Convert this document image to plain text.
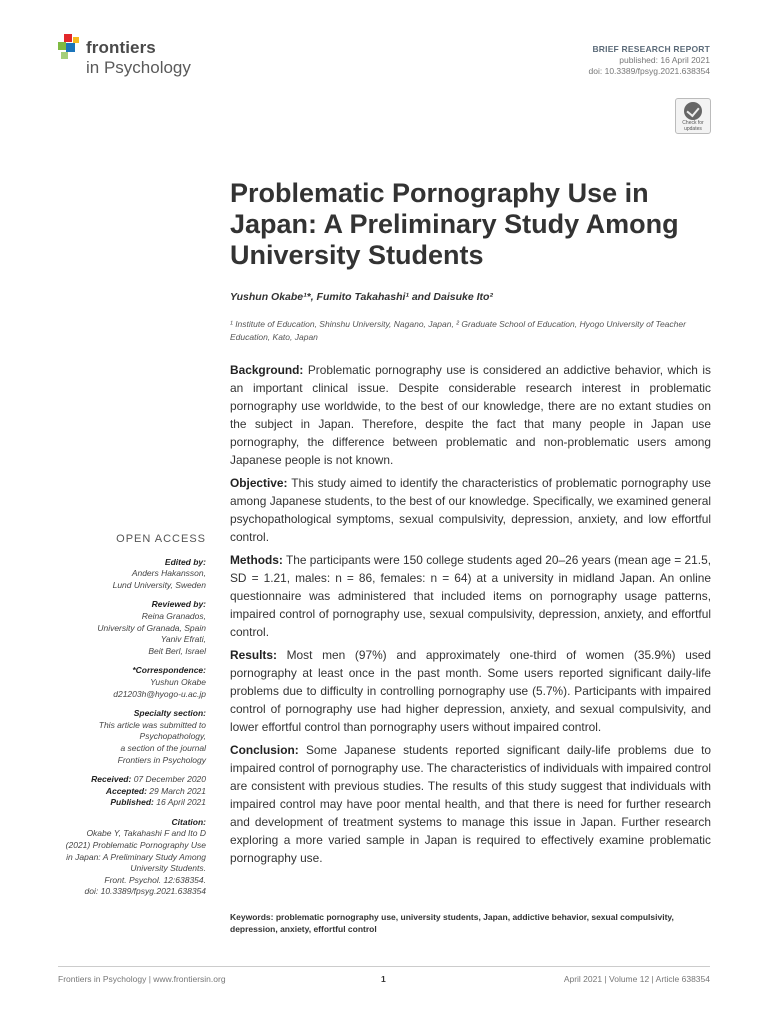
frontiers
in Psychology
BRIEF RESEARCH REPORT
published: 16 April 2021
doi: 10.3389/fpsyg.2021.638354
Check for
updates
Problematic Pornography Use in Japan: A Preliminary Study Among University Students
Yushun Okabe¹*, Fumito Takahashi¹ and Daisuke Ito²
¹ Institute of Education, Shinshu University, Nagano, Japan, ² Graduate School of Education, Hyogo University of Teacher Education, Kato, Japan

Background: Problematic pornography use is considered an addictive behavior, which is an important clinical issue. Despite considerable research interest in problematic pornography use worldwide, to the best of our knowledge, there are no extant studies on the subject in Japan. Therefore, despite the fact that many people in Japan use pornography, the difference between problematic and non-problematic users among Japanese people is not known.

Objective: This study aimed to identify the characteristics of problematic pornography use among Japanese students, to the best of our knowledge. Specifically, we examined general psychopathological symptoms, sexual compulsivity, depression, anxiety, and low effortful control.

Methods: The participants were 150 college students aged 20–26 years (mean age = 21.5, SD = 1.21, males: n = 86, females: n = 64) at a university in midland Japan. An online questionnaire was administered that included items on pornography usage patterns, impaired control of pornography use, sexual compulsivity, depression, anxiety, and effortful control.

Results: Most men (97%) and approximately one-third of women (35.9%) used pornography at least once in the past month. Some users reported significant daily-life problems due to difficulty in controlling pornography use (5.7%). Participants with impaired control of pornography use had higher depression, anxiety, and sexual compulsivity, and lower effortful control than pornography users without impaired control.

Conclusion: Some Japanese students reported significant daily-life problems due to impaired control of pornography use. The characteristics of individuals with impaired control are consistent with previous studies. The results of this study suggest that individuals with impaired control may have poor mental health, and that there is need for further research and development of treatment systems to manage this issue in Japan. Further research exploring a more varied sample in Japan is required to effectively examine problematic pornography use.

Keywords: problematic pornography use, university students, Japan, addictive behavior, sexual compulsivity, depression, anxiety, effortful control
OPEN ACCESS
Edited by:
Anders Hakansson,
Lund University, Sweden
Reviewed by:
Reina Granados,
University of Granada, Spain
Yaniv Efrati,
Beit Berl, Israel
*Correspondence:
Yushun Okabe
d21203h@hyogo-u.ac.jp
Specialty section:
This article was submitted to
Psychopathology,
a section of the journal
Frontiers in Psychology
Received: 07 December 2020
Accepted: 29 March 2021
Published: 16 April 2021
Citation:
Okabe Y, Takahashi F and Ito D
(2021) Problematic Pornography Use
in Japan: A Preliminary Study Among
University Students.
Front. Psychol. 12:638354.
doi: 10.3389/fpsyg.2021.638354
Frontiers in Psychology | www.frontiersin.org	1	April 2021 | Volume 12 | Article 638354
